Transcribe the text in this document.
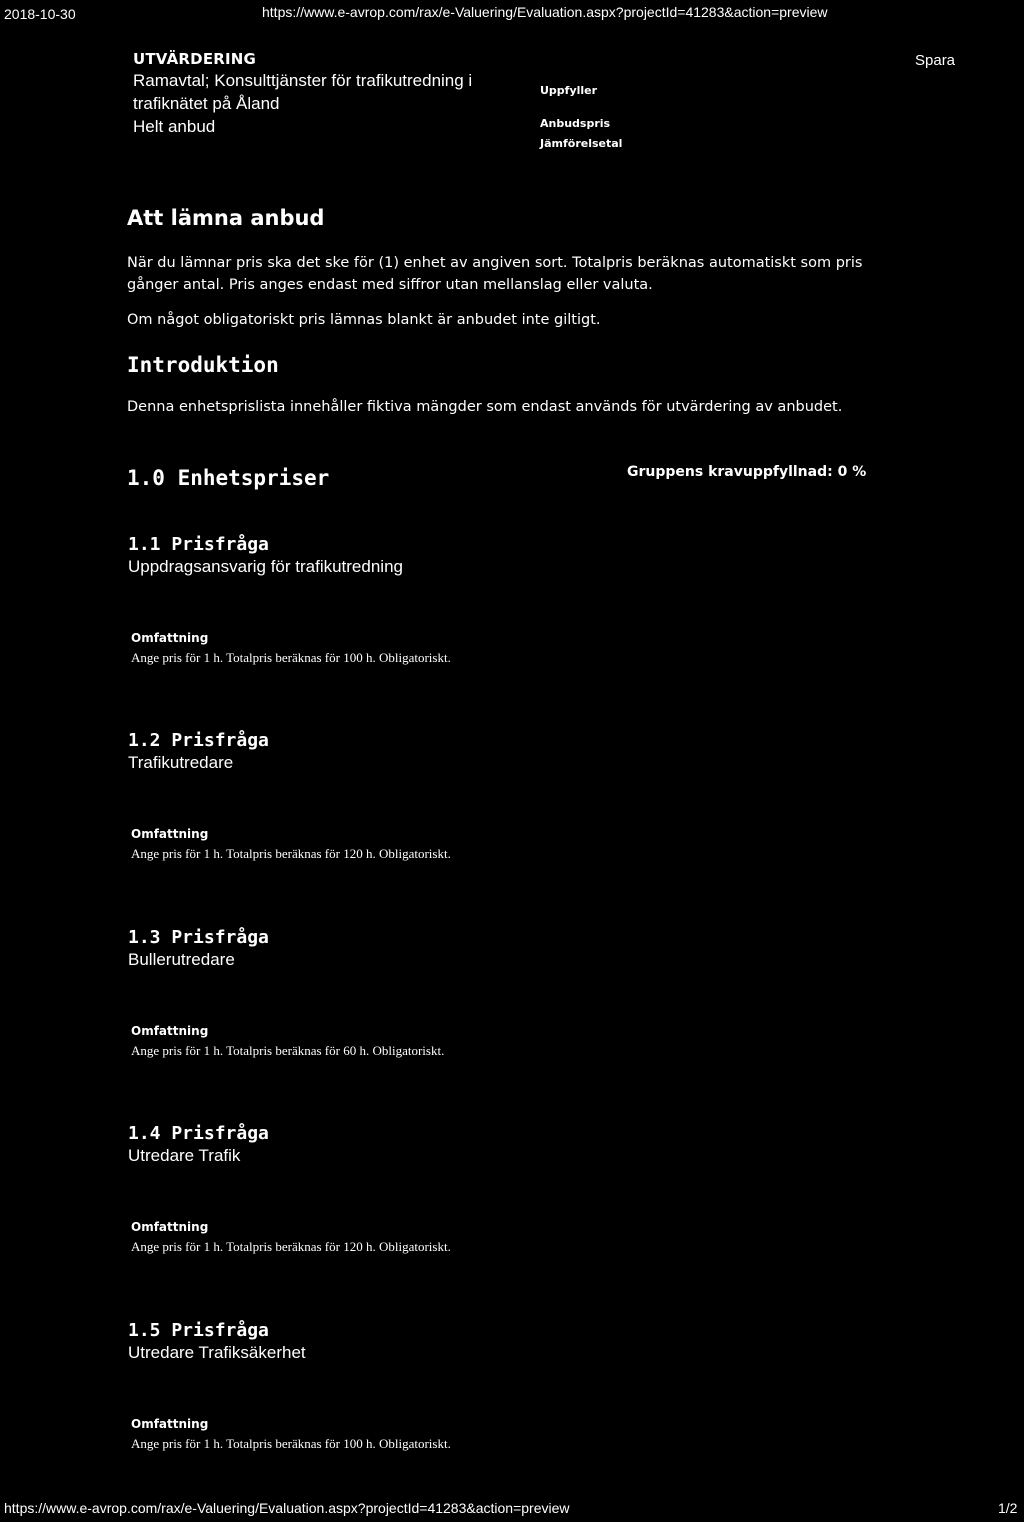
2018-10-30	https://www.e-avrop.com/rax/e-Valuering/Evaluation.aspx?projectId=41283&action=preview
UTVÄRDERING
Ramavtal; Konsulttjänster för trafikutredning i
trafiknätet på Åland
Helt anbud
Uppfyller
Anbudspris
Jämförelsetal
Spara
Att lämna anbud
När du lämnar pris ska det ske för (1) enhet av angiven sort. Totalpris beräknas automatiskt som pris gånger antal. Pris anges endast med siffror utan mellanslag eller valuta.
Om något obligatoriskt pris lämnas blankt är anbudet inte giltigt.
Introduktion
Denna enhetsprislista innehåller fiktiva mängder som endast används för utvärdering av anbudet.
1.0 Enhetspriser	Gruppens kravuppfyllnad: 0 %
1.1 Prisfråga
Uppdragsansvarig för trafikutredning
Omfattning
Ange pris för 1 h. Totalpris beräknas för 100 h. Obligatoriskt.
1.2 Prisfråga
Trafikutredare
Omfattning
Ange pris för 1 h. Totalpris beräknas för 120 h. Obligatoriskt.
1.3 Prisfråga
Bullerutredare
Omfattning
Ange pris för 1 h. Totalpris beräknas för 60 h. Obligatoriskt.
1.4 Prisfråga
Utredare Trafik
Omfattning
Ange pris för 1 h. Totalpris beräknas för 120 h. Obligatoriskt.
1.5 Prisfråga
Utredare Trafiksäkerhet
Omfattning
Ange pris för 1 h. Totalpris beräknas för 100 h. Obligatoriskt.
https://www.e-avrop.com/rax/e-Valuering/Evaluation.aspx?projectId=41283&action=preview	1/2
